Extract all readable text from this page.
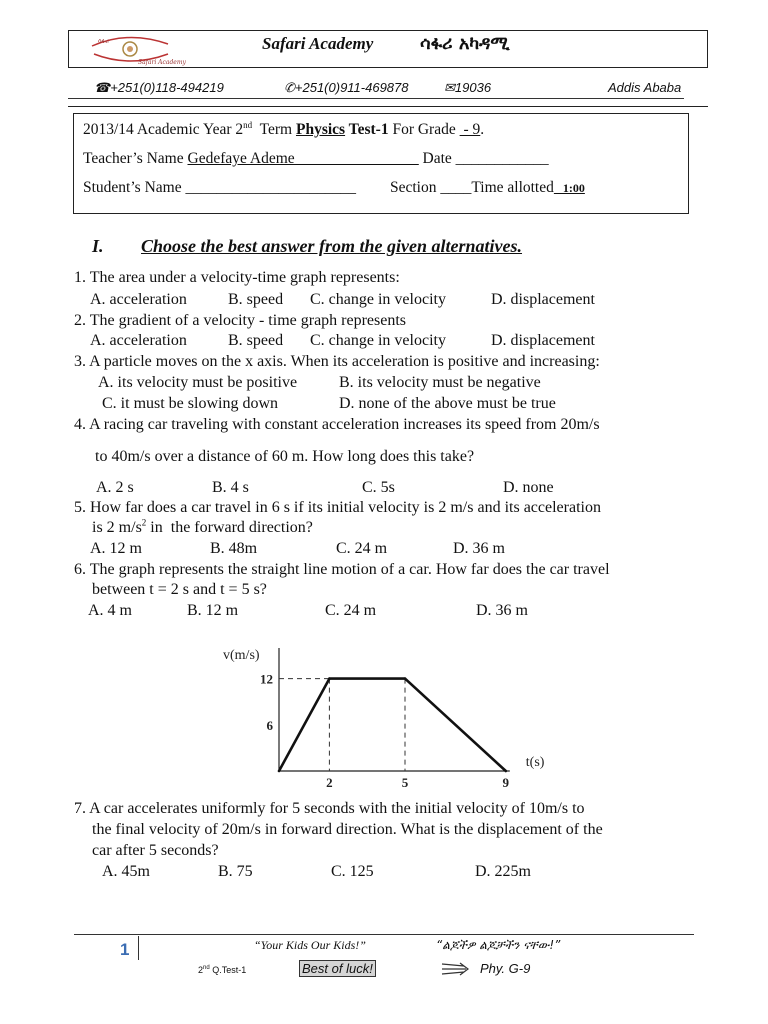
ሳፋሪ
Safari Academy
Safari Academy	ሳፋሪ አካዳሚ
☎+251(0)118-494219	✆+251(0)911-469878	✉19036	Addis Ababa
2013/14 Academic Year 2nd  Term Physics Test-1 For Grade  - 9.
Teacher’s Name Gedefaye Ademe________________ Date ____________
Student’s Name ______________________ Section ____Time allotted   1:00
I. Choose the best answer from the given alternatives.
1. The area under a velocity-time graph represents:
A. acceleration	B. speed C. change in velocity	D. displacement
2. The gradient of a velocity - time graph represents
A. acceleration	B. speed C. change in velocity	D. displacement
3. A particle moves on the x axis. When its acceleration is positive and increasing:
A. its velocity must be positive	B. its velocity must be negative
C. it must be slowing down	D. none of the above must be true
4. A racing car traveling with constant acceleration increases its speed from 20m/s
to 40m/s over a distance of 60 m. How long does this take?
A. 2 s	B. 4 s	C. 5s	D. none
5. How far does a car travel in 6 s if its initial velocity is 2 m/s and its acceleration
is 2 $m/s^2$ in  the forward direction?
A. 12 m	B. 48m	C. 24 m	D. 36 m
6. The graph represents the straight line motion of a car. How far does the car travel
between t = 2 s and t = 5 s?
A. 4 m	B. 12 m	C. 24 m	D. 36 m
2	5	9
6
12
v(m/s)
t(s)
7. A car accelerates uniformly for 5 seconds with the initial velocity of 10m/s to
the final velocity of 20m/s in forward direction. What is the displacement of the
car after 5 seconds?
A. 45m	B. 75	C. 125	D. 225m
1	“Your Kids Our Kids!”	“ልጆችዎ ልጆቻችን ናቸው!”
2nd Q.Test-1	Best of luck!	Phy. G-9
